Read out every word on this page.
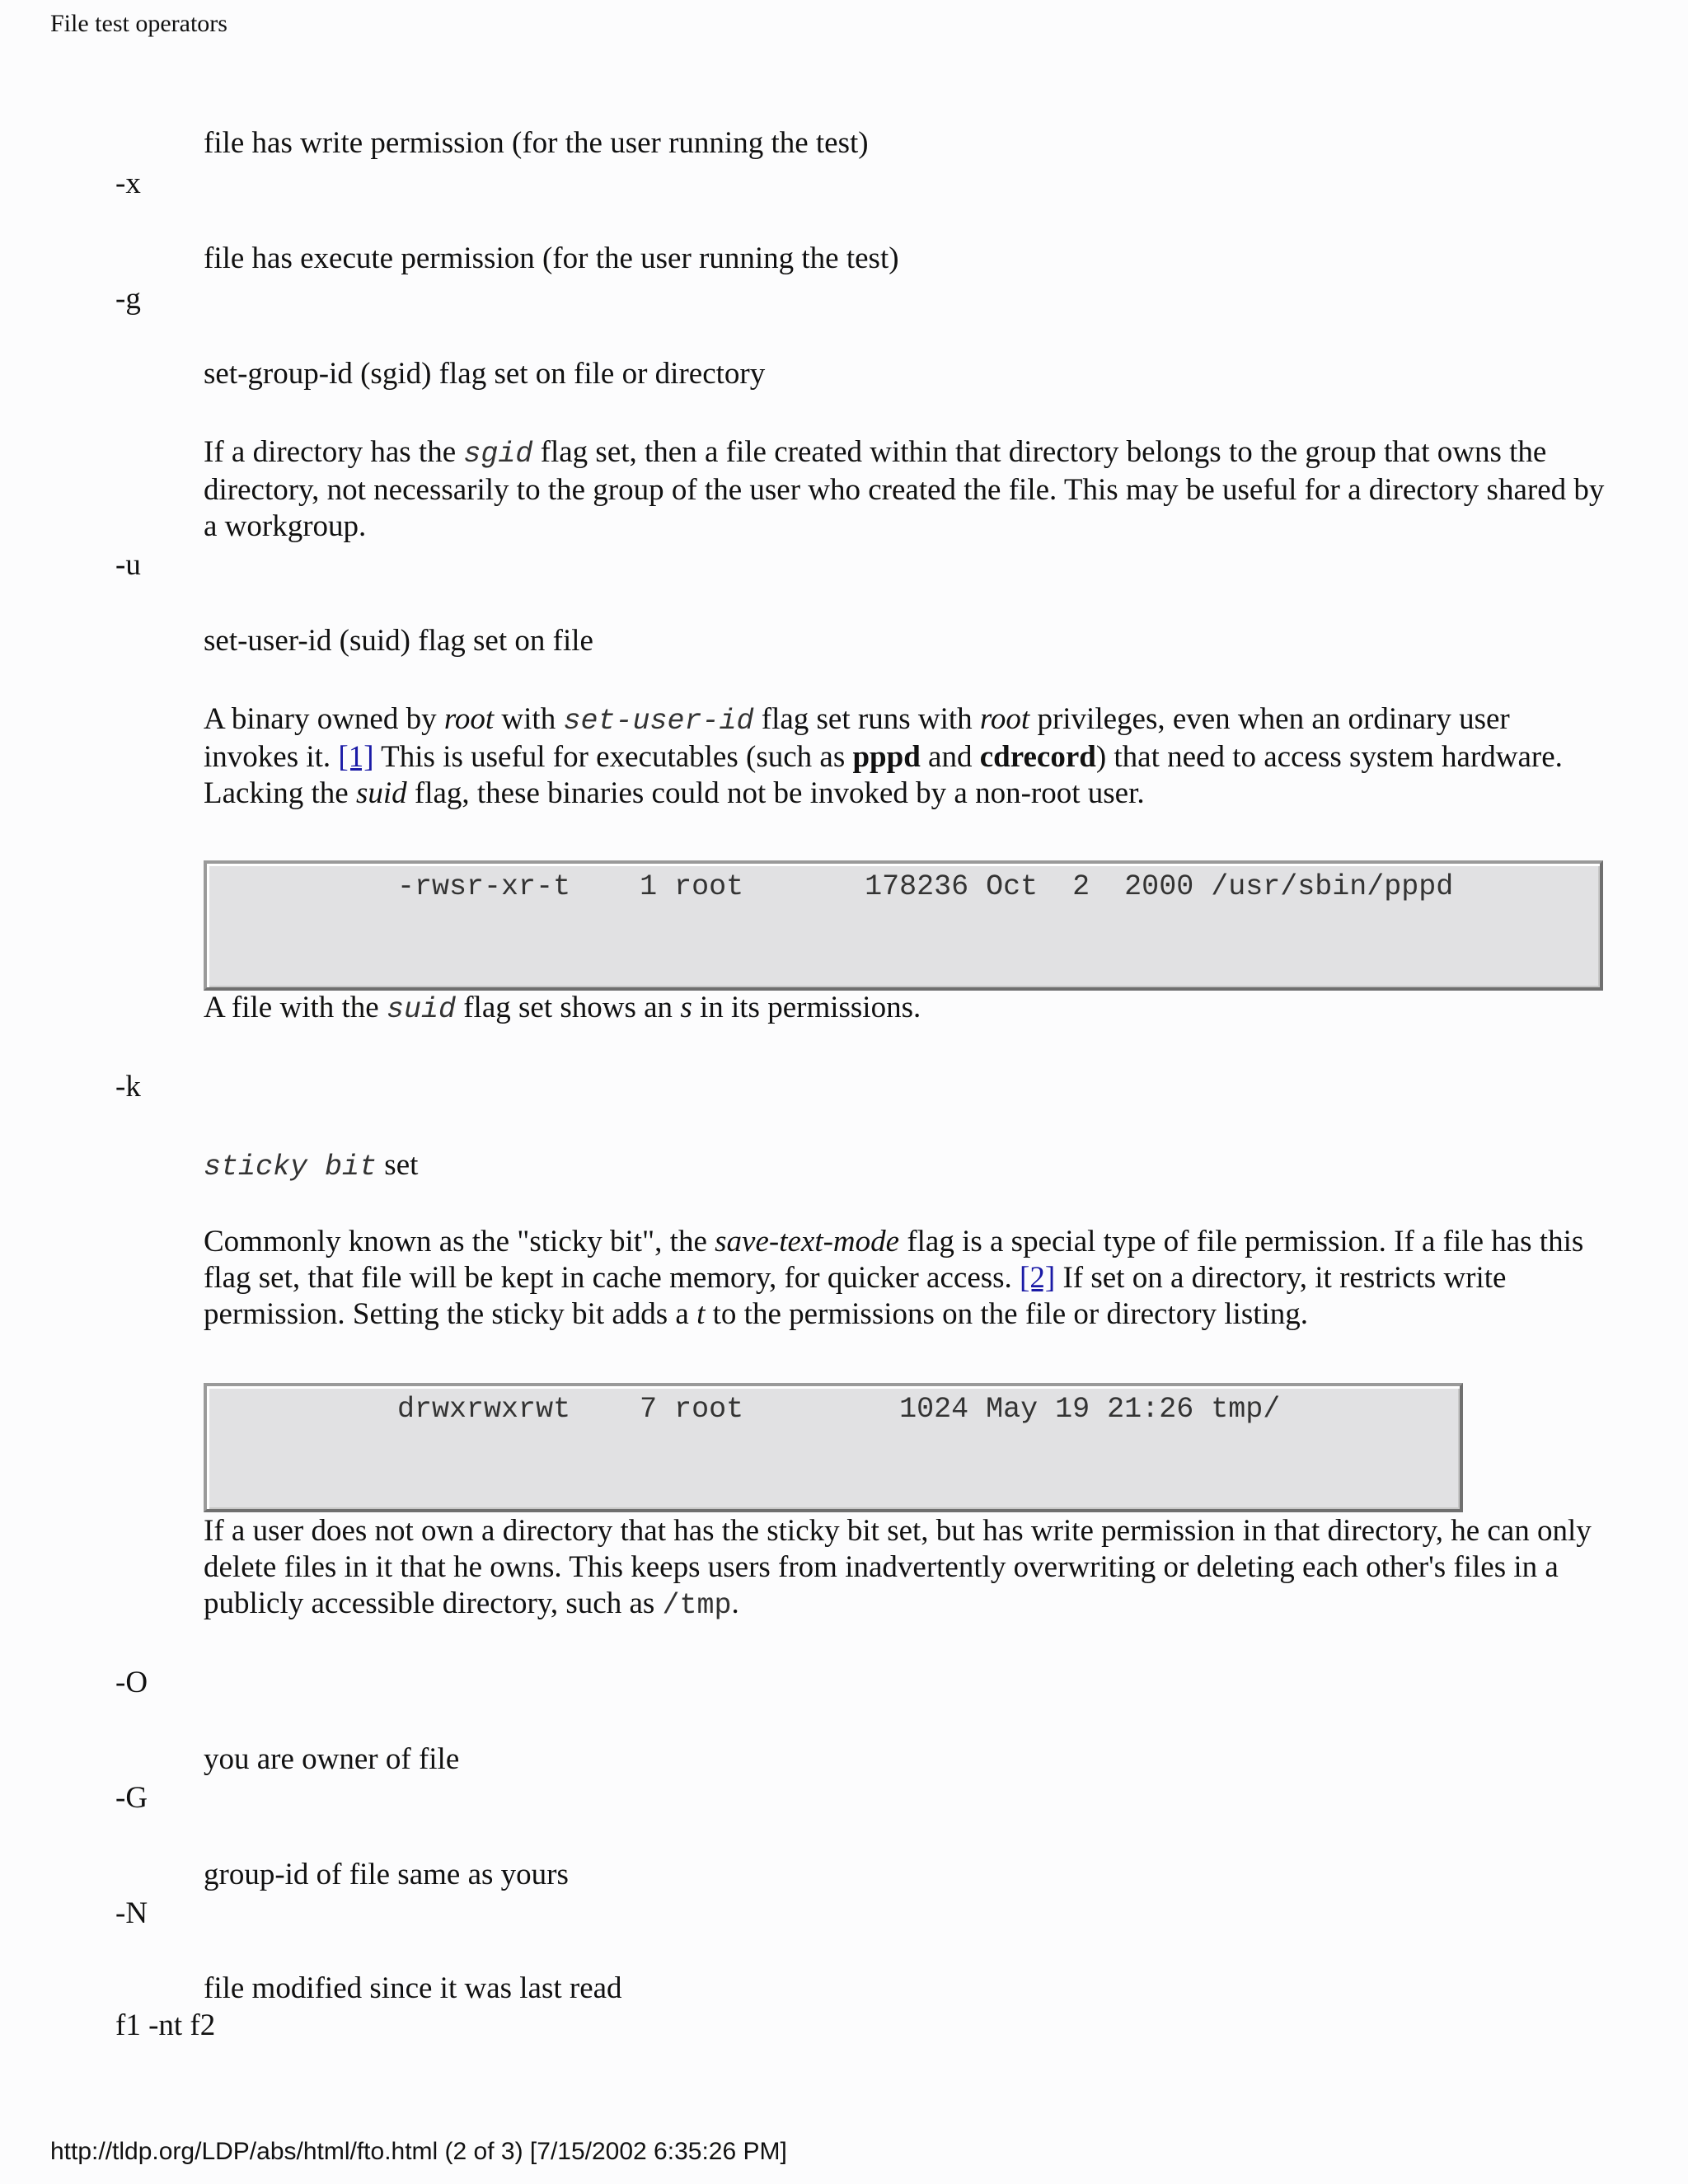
File test operators

file has write permission (for the user running the test)

-x

file has execute permission (for the user running the test)

-g

set-group-id (sgid) flag set on file or directory

If a directory has the sgid flag set, then a file created within that directory belongs to the group that owns the directory, not necessarily to the group of the user who created the file. This may be useful for a directory shared by a workgroup.

-u

set-user-id (suid) flag set on file

A binary owned by root with set-user-id flag set runs with root privileges, even when an ordinary user invokes it. [1] This is useful for executables (such as pppd and cdrecord) that need to access system hardware. Lacking the suid flag, these binaries could not be invoked by a non-root user.

-rwsr-xr-t    1 root       178236 Oct  2  2000 /usr/sbin/pppd

A file with the suid flag set shows an s in its permissions.

-k

sticky bit set

Commonly known as the "sticky bit", the save-text-mode flag is a special type of file permission. If a file has this flag set, that file will be kept in cache memory, for quicker access. [2] If set on a directory, it restricts write permission. Setting the sticky bit adds a t to the permissions on the file or directory listing.

drwxrwxrwt    7 root         1024 May 19 21:26 tmp/

If a user does not own a directory that has the sticky bit set, but has write permission in that directory, he can only delete files in it that he owns. This keeps users from inadvertently overwriting or deleting each other's files in a publicly accessible directory, such as /tmp.

-O

you are owner of file

-G

group-id of file same as yours

-N

file modified since it was last read

f1 -nt f2
http://tldp.org/LDP/abs/html/fto.html (2 of 3) [7/15/2002 6:35:26 PM]
